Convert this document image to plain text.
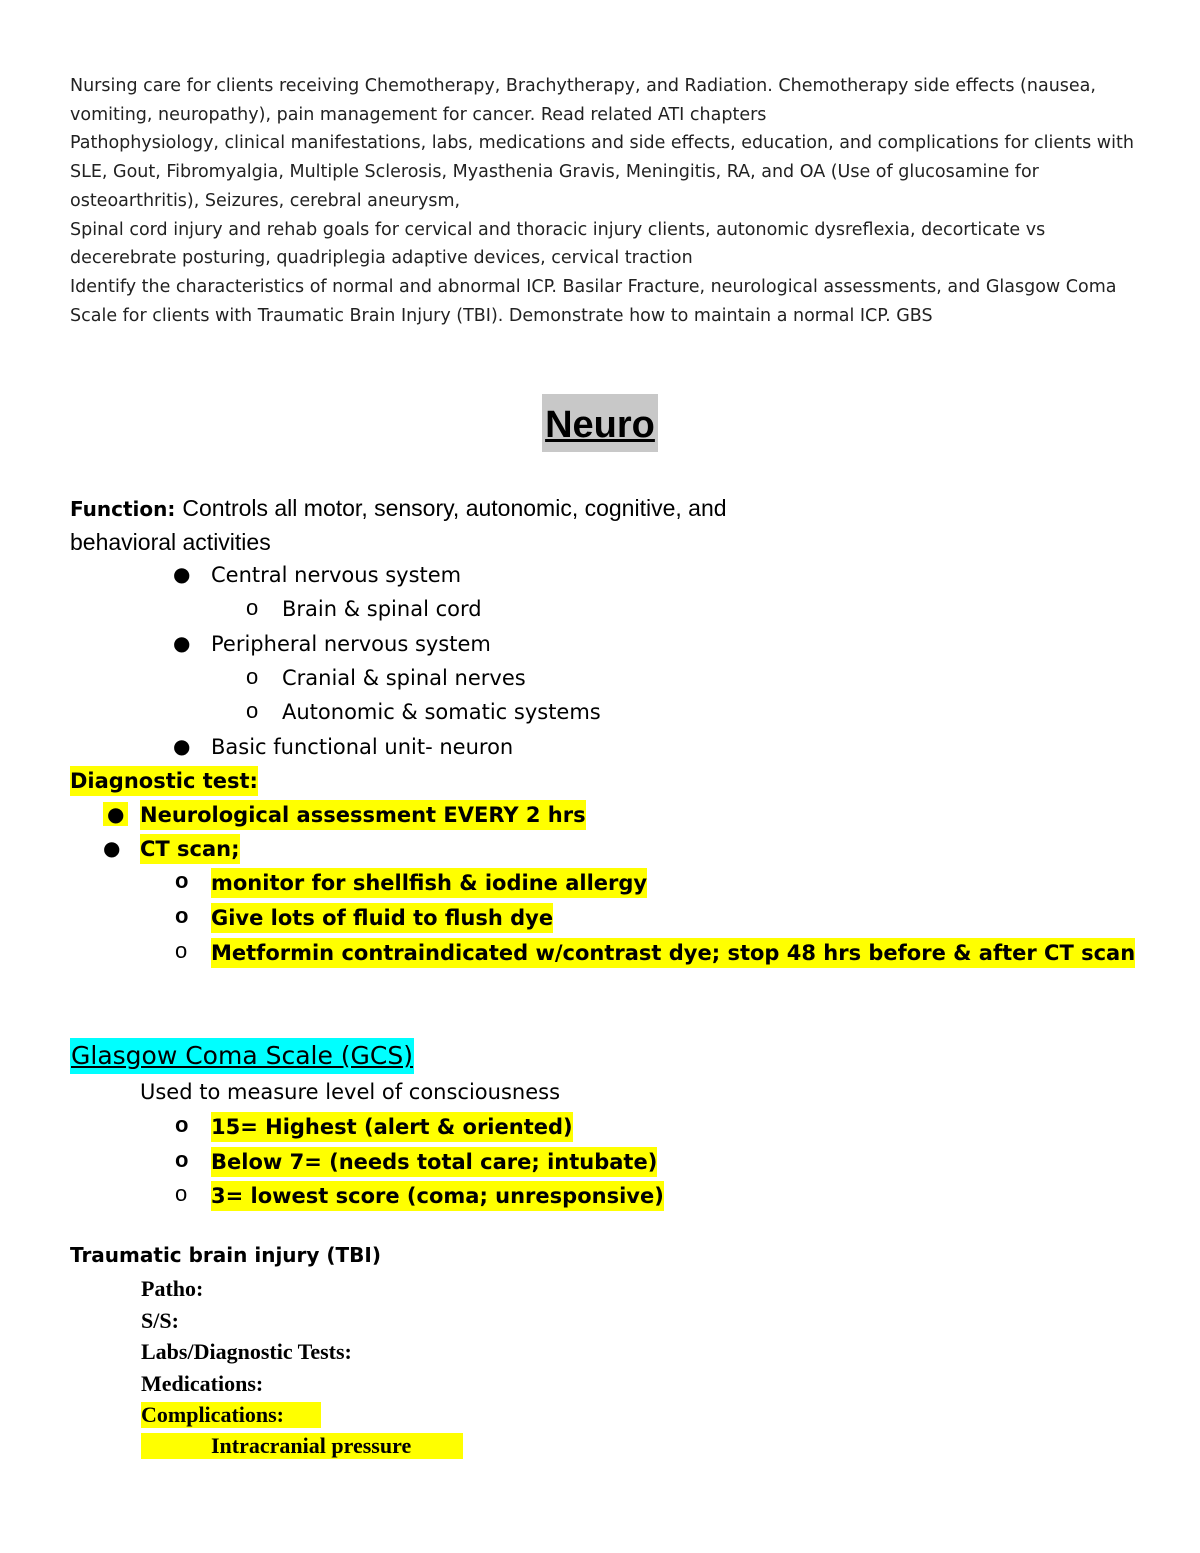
Nursing care for clients receiving Chemotherapy, Brachytherapy, and Radiation. Chemotherapy side effects (nausea, vomiting, neuropathy), pain management for cancer. Read related ATI chapters

Pathophysiology, clinical manifestations, labs, medications and side effects, education, and complications for clients with SLE, Gout, Fibromyalgia, Multiple Sclerosis, Myasthenia Gravis, Meningitis, RA, and OA (Use of glucosamine for osteoarthritis), Seizures, cerebral aneurysm,

Spinal cord injury and rehab goals for cervical and thoracic injury clients, autonomic dysreflexia, decorticate vs decerebrate posturing, quadriplegia adaptive devices, cervical traction

Identify the characteristics of normal and abnormal ICP. Basilar Fracture, neurological assessments, and Glasgow Coma Scale for clients with Traumatic Brain Injury (TBI). Demonstrate how to maintain a normal ICP. GBS

Neuro
Function: Controls all motor, sensory, autonomic, cognitive, and
behavioral activities
● Central nervous system
o Brain & spinal cord
● Peripheral nervous system
o Cranial & spinal nerves
o Autonomic & somatic systems
● Basic functional unit- neuron
Diagnostic test:
● Neurological assessment EVERY 2 hrs
● CT scan;
o monitor for shellfish & iodine allergy
o Give lots of fluid to flush dye
o Metformin contraindicated w/contrast dye; stop 48 hrs before & after CT scan
Glasgow Coma Scale (GCS)
Used to measure level of consciousness
o 15= Highest (alert & oriented)
o Below 7= (needs total care; intubate)
o 3= lowest score (coma; unresponsive)
Traumatic brain injury (TBI)
Patho:
S/S:
Labs/Diagnostic Tests:
Medications:
Complications:
Intracranial pressure
